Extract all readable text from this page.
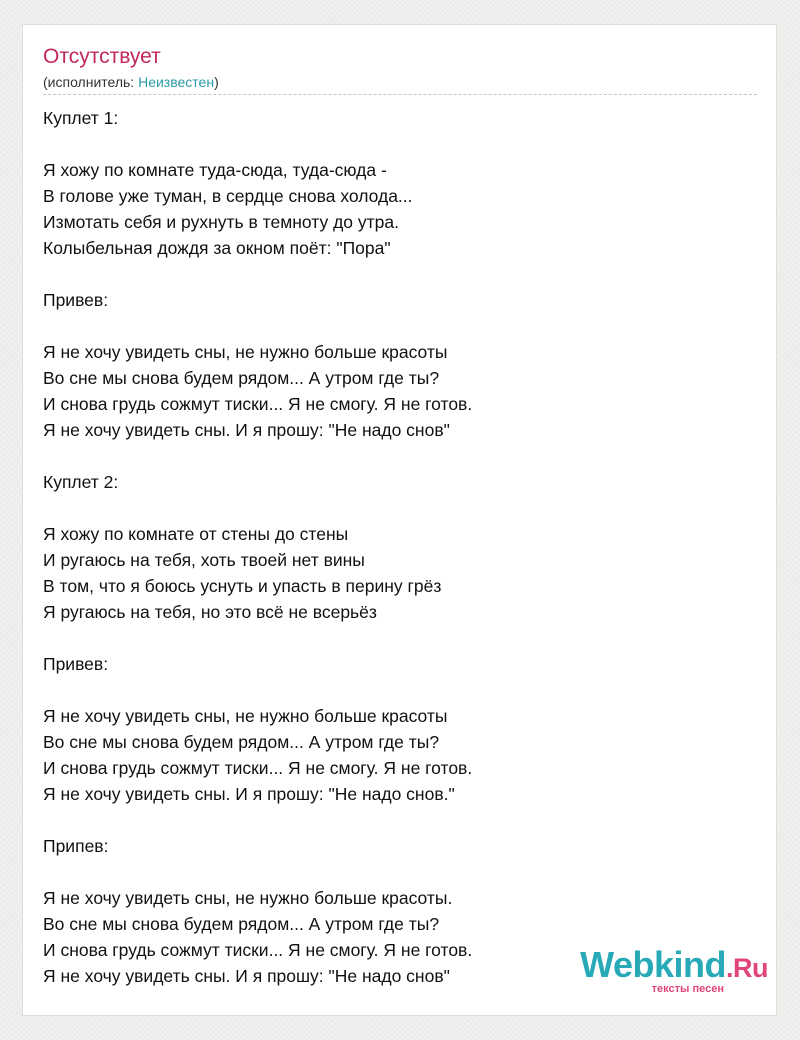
Отсутствует
(исполнитель: Неизвестен)
Куплет 1:
Я хожу по комнате туда-сюда, туда-сюда -
В голове уже туман, в сердце снова холода...
Измотать себя и рухнуть в темноту до утра.
Колыбельная дождя за окном поёт: "Пора"
Привев:
Я не хочу увидеть сны, не нужно больше красоты
Во сне мы снова будем рядом... А утром где ты?
И снова грудь сожмут тиски... Я не смогу. Я не готов.
Я не хочу увидеть сны. И я прошу: "Не надо снов"
Куплет 2:
Я хожу по комнате от стены до стены
И ругаюсь на тебя, хоть твоей нет вины
В том, что я боюсь уснуть и упасть в перину грёз
Я ругаюсь на тебя, но это всё не всерьёз
Привев:
Я не хочу увидеть сны, не нужно больше красоты
Во сне мы снова будем рядом... А утром где ты?
И снова грудь сожмут тиски... Я не смогу. Я не готов.
Я не хочу увидеть сны. И я прошу: "Не надо снов."
Припев:
Я не хочу увидеть сны, не нужно больше красоты.
Во сне мы снова будем рядом... А утром где ты?
И снова грудь сожмут тиски... Я не смогу. Я не готов.
Я не хочу увидеть сны. И я прошу: "Не надо снов"	Webkind.Ru
тексты песен
